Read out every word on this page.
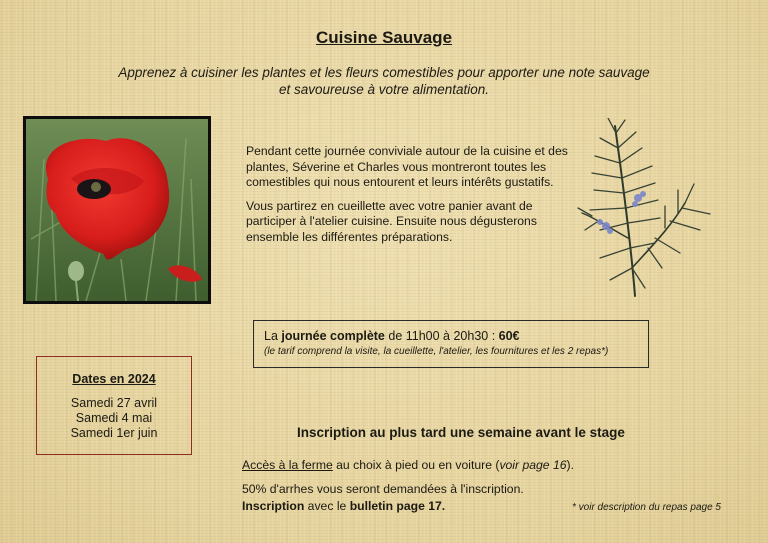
Cuisine Sauvage
Apprenez à cuisiner les plantes et les fleurs comestibles pour apporter une note sauvage
et savoureuse à votre alimentation.

Pendant cette journée conviviale autour de la cuisine et des plantes, Séverine et Charles vous montreront toutes les comestibles qui nous entourent et leurs intérêts gustatifs.

Vous partirez en cueillette avec votre panier avant de participer à l'atelier cuisine. Ensuite nous dégusterons ensemble les différentes préparations.

La journée complète de 11h00 à 20h30 : 60€
(le tarif comprend la visite, la cueillette, l'atelier, les fournitures et les 2 repas*)
Dates en 2024
Samedi 27 avril
Samedi 4 mai
Samedi 1er juin	Inscription au plus tard une semaine avant le stage
Accès à la ferme au choix à pied ou en voiture (voir page 16).
50% d'arrhes vous seront demandées à l'inscription.
Inscription avec le bulletin page 17.	* voir description du repas page 5
